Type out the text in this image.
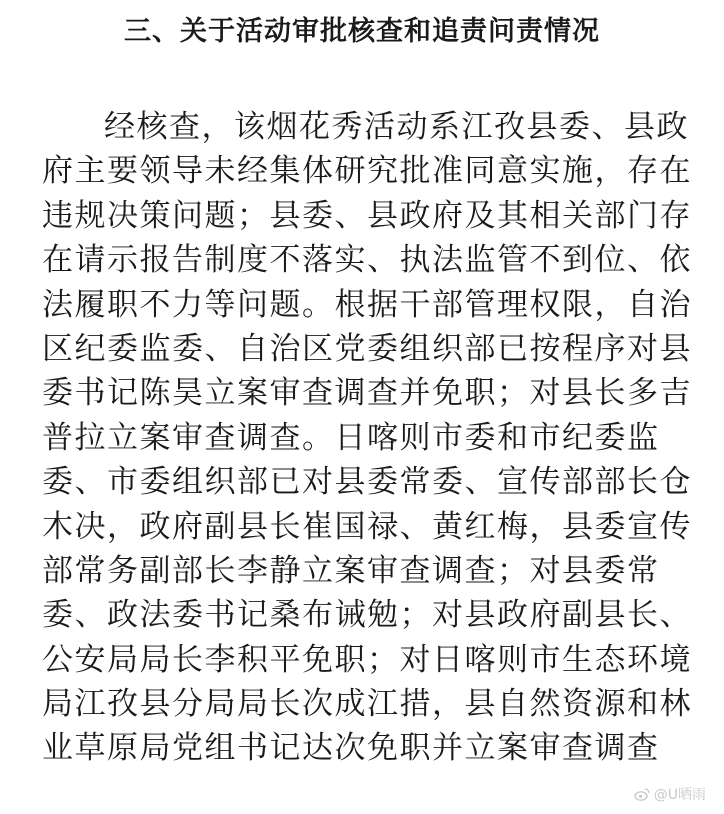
三、关于活动审批核查和追责问责情况
经核查，该烟花秀活动系江孜县委、县政
府主要领导未经集体研究批准同意实施，存在
违规决策问题；县委、县政府及其相关部门存
在请示报告制度不落实、执法监管不到位、依
法履职不力等问题。根据干部管理权限，自治
区纪委监委、自治区党委组织部已按程序对县
委书记陈昊立案审查调查并免职；对县长多吉
普拉立案审查调查。日喀则市委和市纪委监
委、市委组织部已对县委常委、宣传部部长仓
木决，政府副县长崔国禄、黄红梅，县委宣传
部常务副部长李静立案审查调查；对县委常
委、政法委书记桑布诫勉；对县政府副县长、
公安局局长李积平免职；对日喀则市生态环境
局江孜县分局局长次成江措，县自然资源和林
业草原局党组书记达次免职并立案审查调查
@U晒雨
